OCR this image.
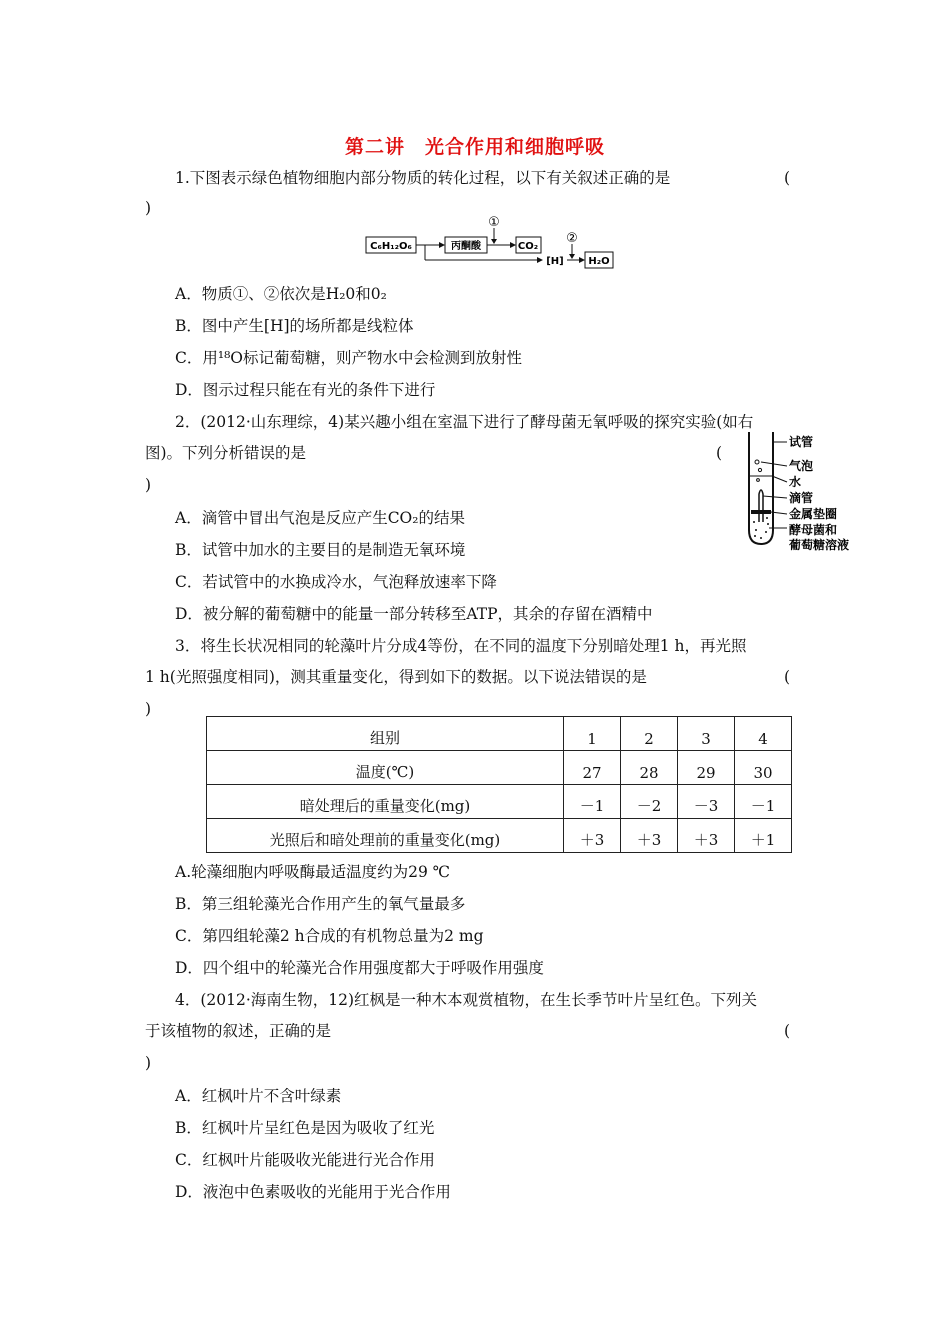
第二讲　光合作用和细胞呼吸
1.下图表示绿色植物细胞内部分物质的转化过程，以下有关叙述正确的是	(
)
C₆H₁₂O₆	丙酮酸
①
CO₂
[H]
②
H₂O
A．物质①、②依次是H₂0和0₂
B．图中产生[H]的场所都是线粒体
C．用¹⁸O标记葡萄糖，则产物水中会检测到放射性
D．图示过程只能在有光的条件下进行
2．(2012·山东理综，4)某兴趣小组在室温下进行了酵母菌无氧呼吸的探究实验(如右
图)。下列分析错误的是	(
)
试管
气泡
水
滴管
金属垫圈
酵母菌和
葡萄糖溶液
A．滴管中冒出气泡是反应产生CO₂的结果
B．试管中加水的主要目的是制造无氧环境
C．若试管中的水换成冷水，气泡释放速率下降
D．被分解的葡萄糖中的能量一部分转移至ATP，其余的存留在酒精中
3．将生长状况相同的轮藻叶片分成4等份，在不同的温度下分别暗处理1 h，再光照
1 h(光照强度相同)，测其重量变化，得到如下的数据。以下说法错误的是	(
)
组别	1	2	3	4
温度(℃)	27	28	29	30
暗处理后的重量变化(mg)	－1	－2	－3	－1
光照后和暗处理前的重量变化(mg)	＋3	＋3	＋3	＋1
A.轮藻细胞内呼吸酶最适温度约为29 ℃
B．第三组轮藻光合作用产生的氧气量最多
C．第四组轮藻2 h合成的有机物总量为2 mg
D．四个组中的轮藻光合作用强度都大于呼吸作用强度
4．(2012·海南生物，12)红枫是一种木本观赏植物，在生长季节叶片呈红色。下列关
于该植物的叙述，正确的是	(
)
A．红枫叶片不含叶绿素
B．红枫叶片呈红色是因为吸收了红光
C．红枫叶片能吸收光能进行光合作用
D．液泡中色素吸收的光能用于光合作用
